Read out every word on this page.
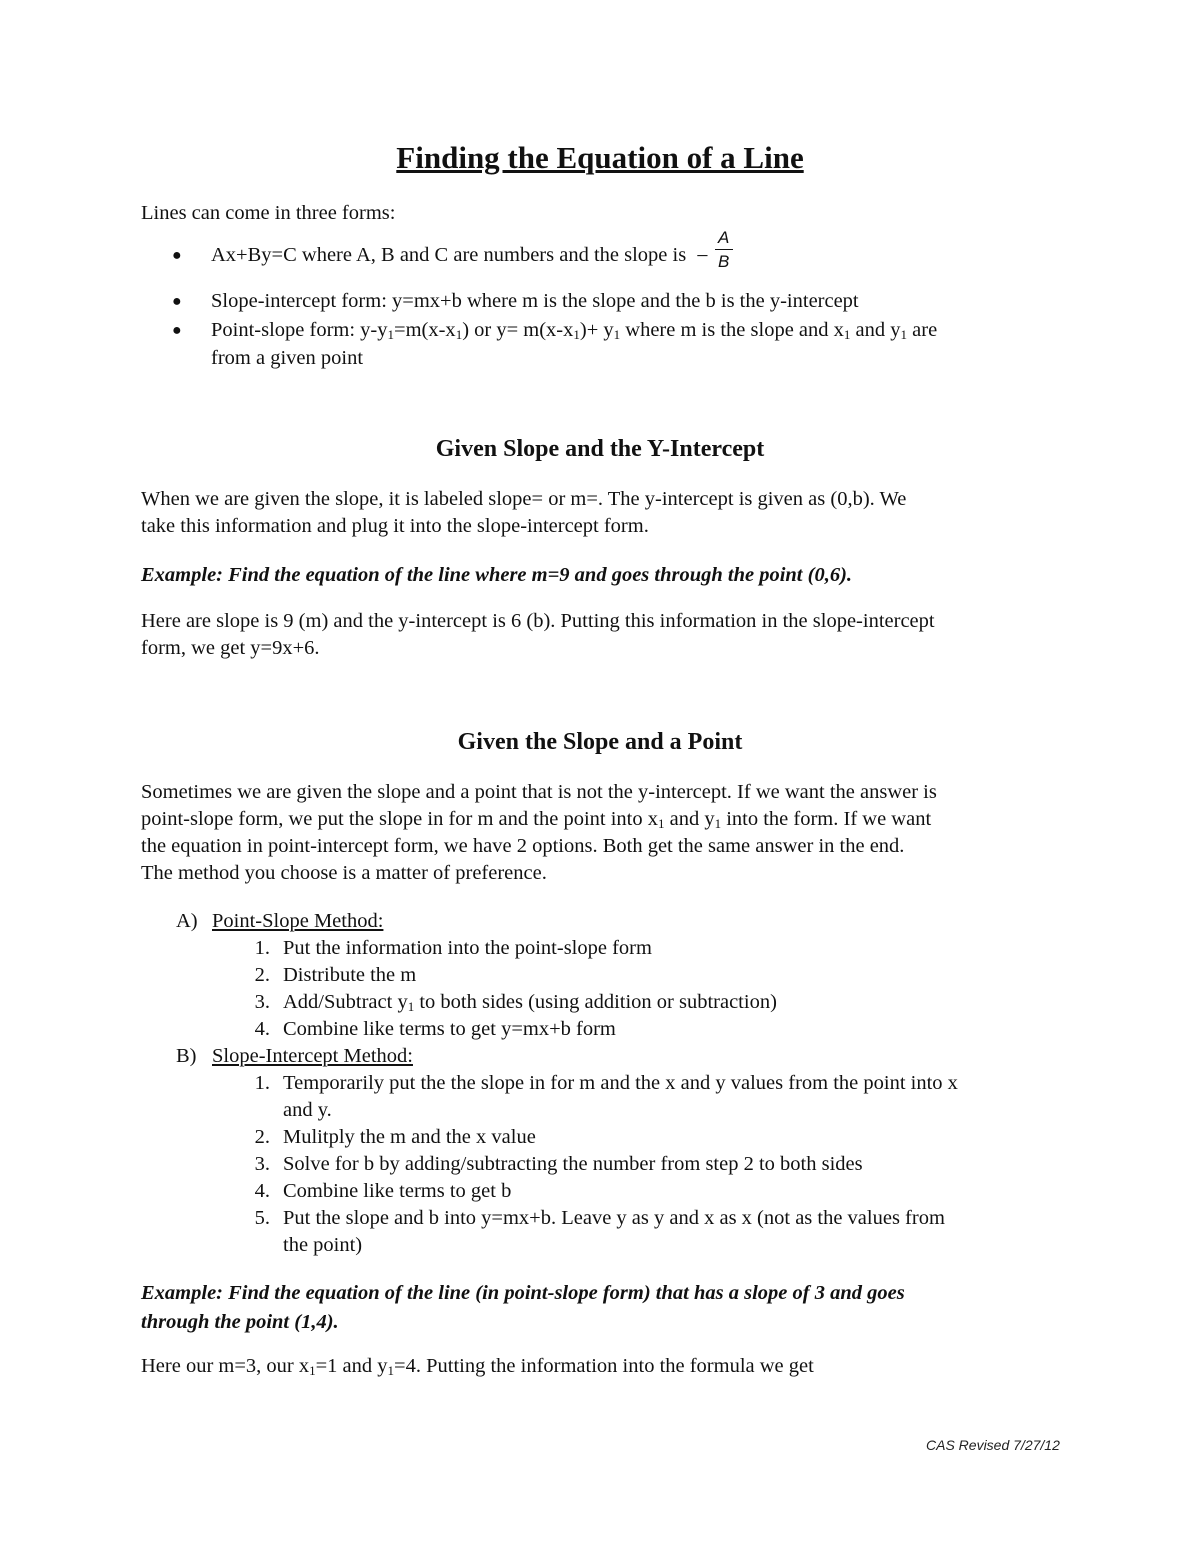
Finding the Equation of a Line
Lines can come in three forms:
● Ax+By=C where A, B and C are numbers and the slope is − $\frac{A}{B}$
● Slope-intercept form: y=mx+b where m is the slope and the b is the y-intercept
● Point-slope form: $y-y_1=m(x-x_1)$ or $y= m(x-x_1)+ y_1$ where m is the slope and $x_1$ and $y_1$ are
from a given point
Given Slope and the Y-Intercept
When we are given the slope, it is labeled slope= or m=. The y-intercept is given as (0,b). We
take this information and plug it into the slope-intercept form.
Example: Find the equation of the line where m=9 and goes through the point (0,6).
Here are slope is 9 (m) and the y-intercept is 6 (b). Putting this information in the slope-intercept
form, we get y=9x+6.
Given the Slope and a Point
Sometimes we are given the slope and a point that is not the y-intercept. If we want the answer is
point-slope form, we put the slope in for m and the point into $x_1$ and $y_1$ into the form. If we want
the equation in point-intercept form, we have 2 options. Both get the same answer in the end.
The method you choose is a matter of preference.
A) Point-Slope Method:
1. Put the information into the point-slope form
2. Distribute the m
3. Add/Subtract $y_1$ to both sides (using addition or subtraction)
4. Combine like terms to get y=mx+b form
B) Slope-Intercept Method:
1. Temporarily put the the slope in for m and the x and y values from the point into x
and y.
2. Mulitply the m and the x value
3. Solve for b by adding/subtracting the number from step 2 to both sides
4. Combine like terms to get b
5. Put the slope and b into y=mx+b. Leave y as y and x as x (not as the values from
the point)
Example: Find the equation of the line (in point-slope form) that has a slope of 3 and goes
through the point (1,4).
Here our m=3, our $x_1=1$ and $y_1=4$. Putting the information into the formula we get
CAS Revised 7/27/12
